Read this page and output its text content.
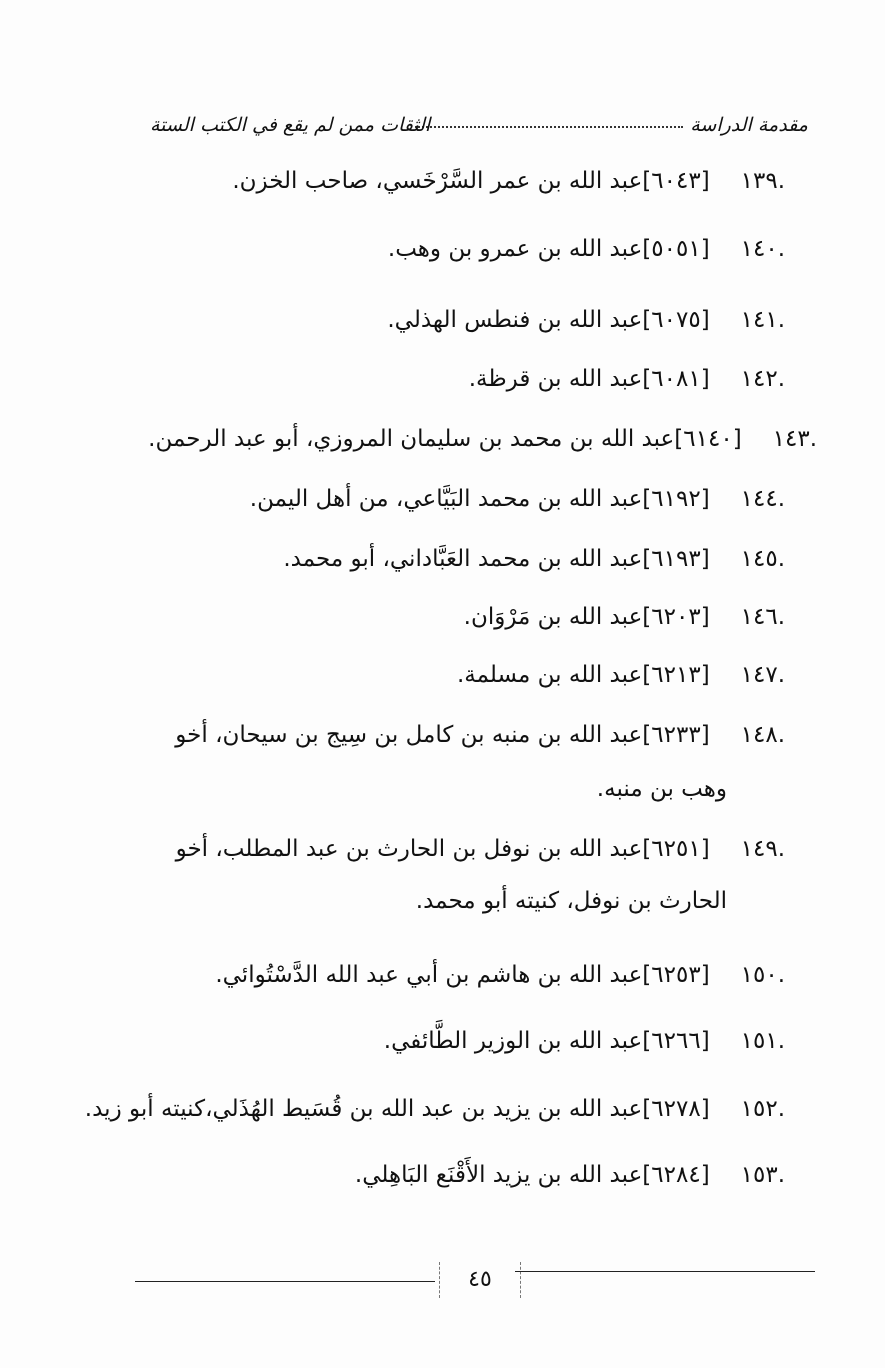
مقدمة الدراسة
الثقات ممن لم يقع في الكتب الستة
.١٣٩ [٦٠٤٣]عبد الله بن عمر السَّرْخَسي، صاحب الخزن.
.١٤٠ [٥٠٥١]عبد الله بن عمرو بن وهب.
.١٤١ [٦٠٧٥]عبد الله بن فنطس الهذلي.
.١٤٢ [٦٠٨١]عبد الله بن قرظة.
.١٤٣ [٦١٤٠]عبد الله بن محمد بن سليمان المروزي، أبو عبد الرحمن.
.١٤٤ [٦١٩٢]عبد الله بن محمد البَيَّاعي، من أهل اليمن.
.١٤٥ [٦١٩٣]عبد الله بن محمد العَبَّاداني، أبو محمد.
.١٤٦ [٦٢٠٣]عبد الله بن مَرْوَان.
.١٤٧ [٦٢١٣]عبد الله بن مسلمة.
.١٤٨ [٦٢٣٣]عبد الله بن منبه بن كامل بن سِيج بن سيحان، أخو
وهب بن منبه.
.١٤٩ [٦٢٥١]عبد الله بن نوفل بن الحارث بن عبد المطلب، أخو
الحارث بن نوفل، كنيته أبو محمد.
.١٥٠ [٦٢٥٣]عبد الله بن هاشم بن أبي عبد الله الدَّسْتُوائي.
.١٥١ [٦٢٦٦]عبد الله بن الوزير الطَّائفي.
.١٥٢ [٦٢٧٨]عبد الله بن يزيد بن عبد الله بن قُسَيط الهُذَلي،كنيته أبو زيد.
.١٥٣ [٦٢٨٤]عبد الله بن يزيد الأَقْنَع البَاهِلي.
٤٥
